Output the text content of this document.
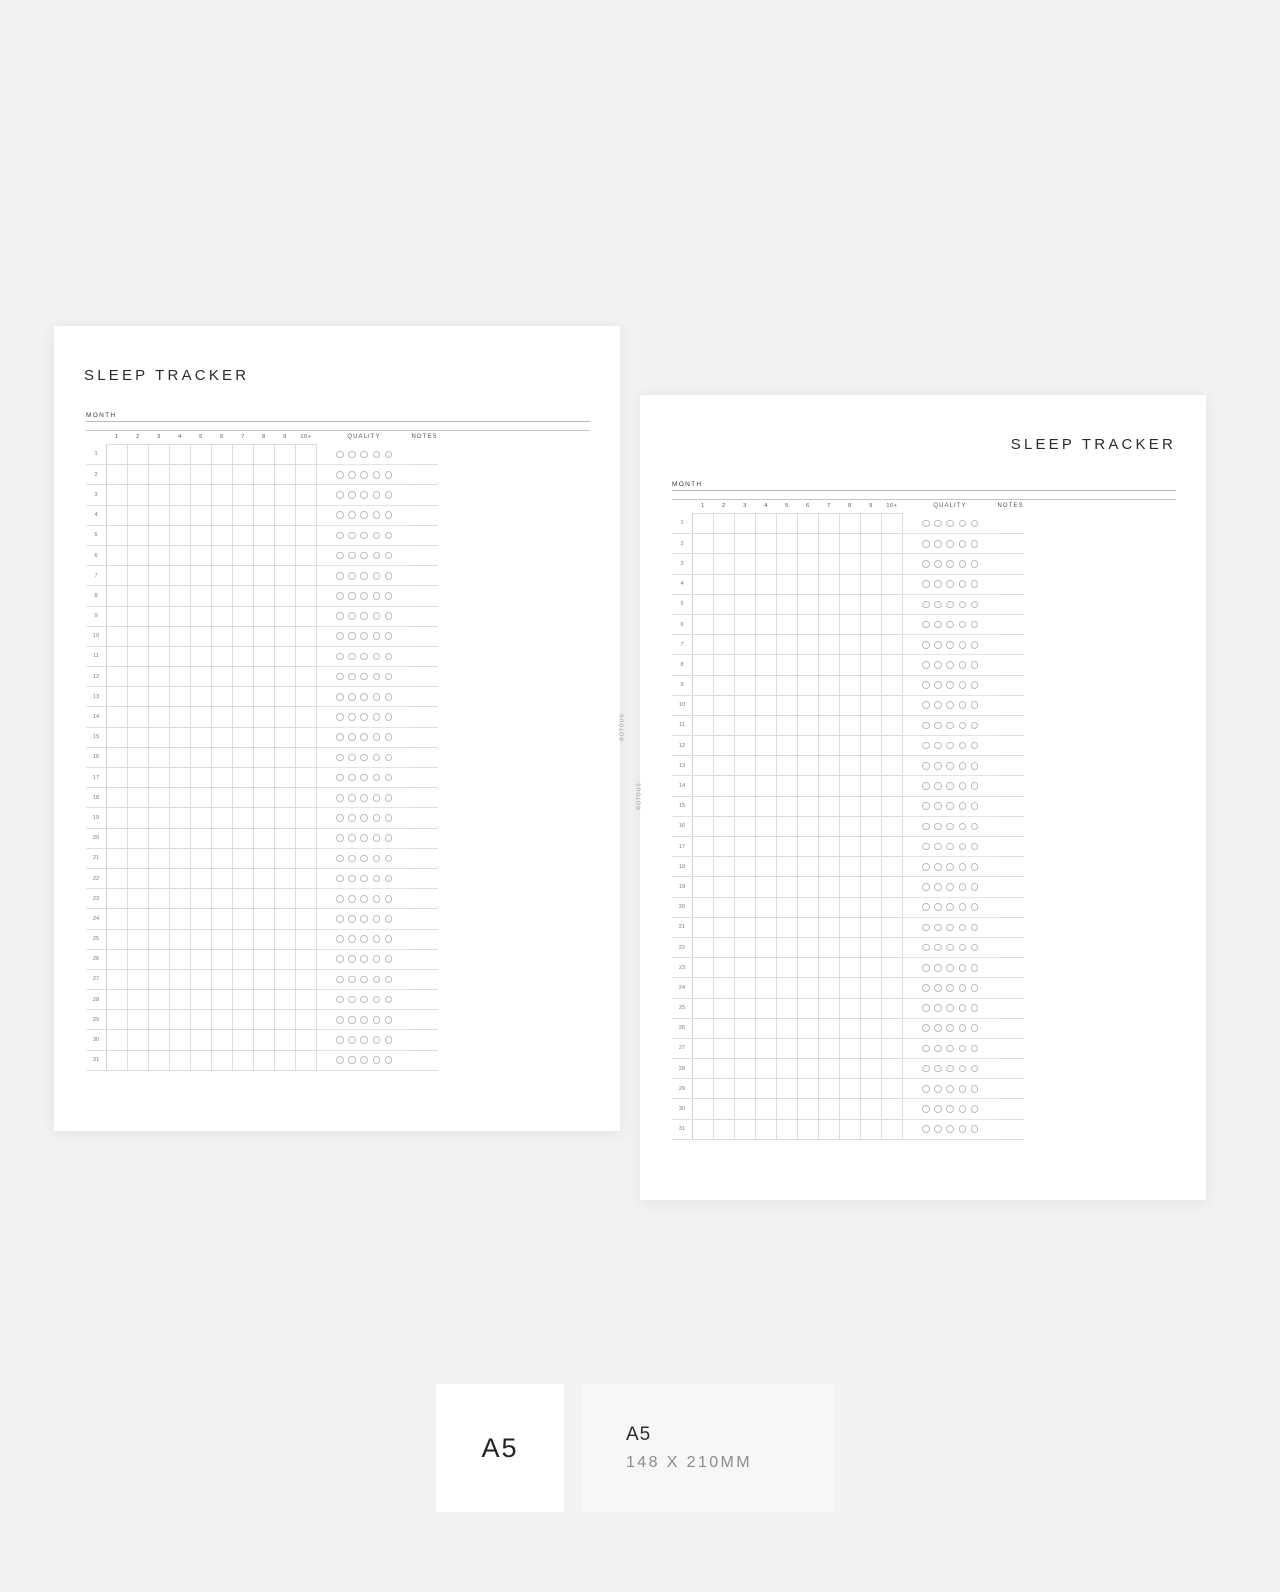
SLEEP TRACKER
MONTH
	1	2	3	4	5	6	7	8	9	10+	QUALITY	NOTES
1												
2												
3												
4												
5												
6												
7												
8												
9												
10												
11												
12												
13												
14												
15												
16												
17												
18												
19												
20												
21												
22												
23												
24												
25												
26												
27												
28												
29												
30												
31												
ROTOUS
SLEEP TRACKER
MONTH
	1	2	3	4	5	6	7	8	9	10+	QUALITY	NOTES
1												
2												
3												
4												
5												
6												
7												
8												
9												
10												
11												
12												
13												
14												
15												
16												
17												
18												
19												
20												
21												
22												
23												
24												
25												
26												
27												
28												
29												
30												
31												
ROTOUS
A5	A5
148 X 210MM
